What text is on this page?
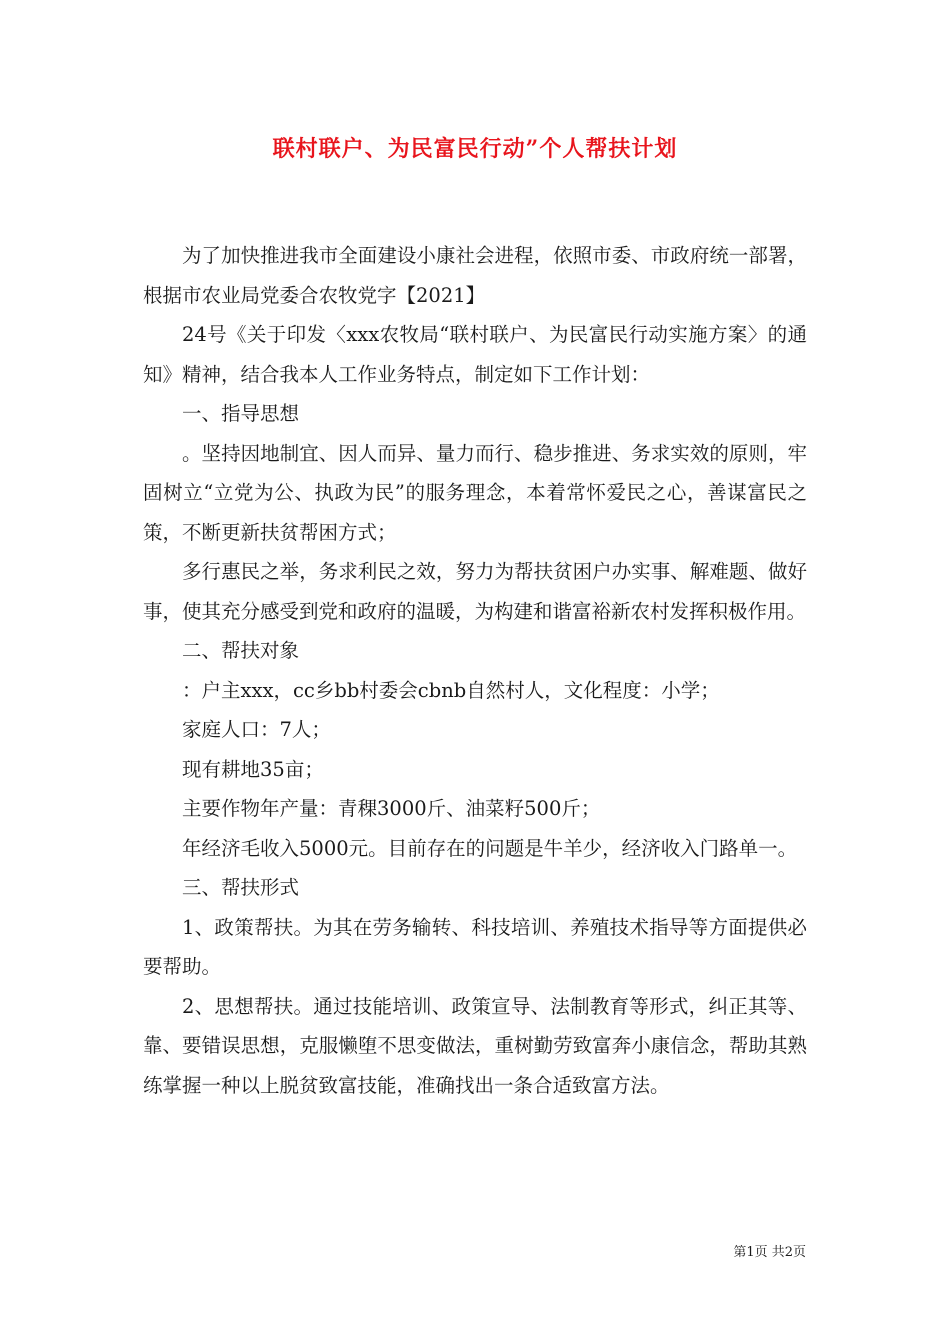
联村联户、为民富民行动”个人帮扶计划

为了加快推进我市全面建设小康社会进程，依照市委、市政府统一部署，根据市农业局党委合农牧党字【2021】

24号《关于印发〈xxx农牧局“联村联户、为民富民行动实施方案〉的通知》精神，结合我本人工作业务特点，制定如下工作计划：

一、指导思想

。坚持因地制宜、因人而异、量力而行、稳步推进、务求实效的原则，牢固树立“立党为公、执政为民”的服务理念，本着常怀爱民之心，善谋富民之策，不断更新扶贫帮困方式；

多行惠民之举，务求利民之效，努力为帮扶贫困户办实事、解难题、做好事，使其充分感受到党和政府的温暖，为构建和谐富裕新农村发挥积极作用。

二、帮扶对象

：户主xxx，cc乡bb村委会cbnb自然村人，文化程度：小学；

家庭人口：7人；

现有耕地35亩；

主要作物年产量：青稞3000斤、油菜籽500斤；

年经济毛收入5000元。目前存在的问题是牛羊少，经济收入门路单一。

三、帮扶形式

1、政策帮扶。为其在劳务输转、科技培训、养殖技术指导等方面提供必要帮助。

2、思想帮扶。通过技能培训、政策宣导、法制教育等形式，纠正其等、靠、要错误思想，克服懒堕不思变做法，重树勤劳致富奔小康信念，帮助其熟练掌握一种以上脱贫致富技能，准确找出一条合适致富方法。

第1页 共2页
